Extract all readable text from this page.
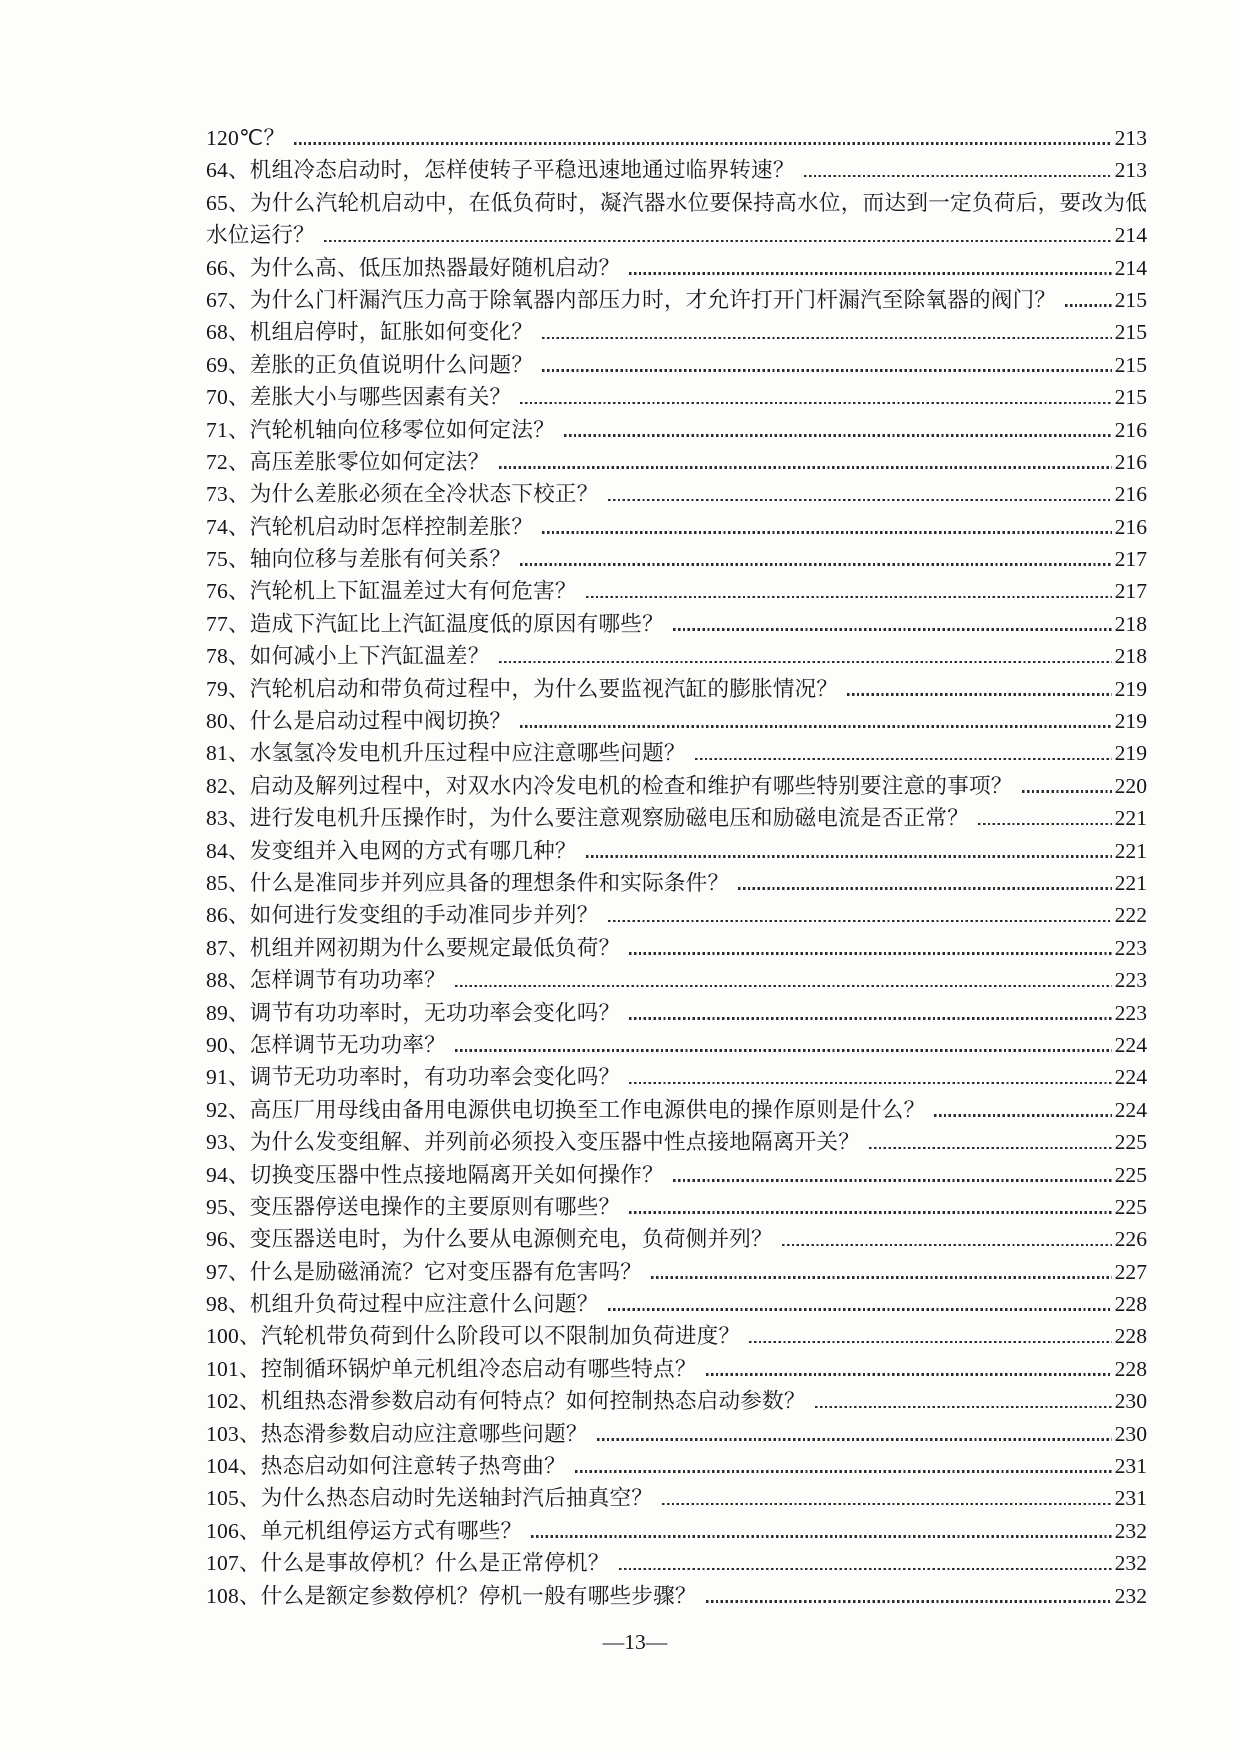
120℃？	213
64、机组冷态启动时，怎样使转子平稳迅速地通过临界转速？	213
65、为什么汽轮机启动中，在低负荷时，凝汽器水位要保持高水位，而达到一定负荷后，要改为低
水位运行？	214
66、为什么高、低压加热器最好随机启动？	214
67、为什么门杆漏汽压力高于除氧器内部压力时，才允许打开门杆漏汽至除氧器的阀门？	215
68、机组启停时，缸胀如何变化？	215
69、差胀的正负值说明什么问题？	215
70、差胀大小与哪些因素有关？	215
71、汽轮机轴向位移零位如何定法？	216
72、高压差胀零位如何定法？	216
73、为什么差胀必须在全冷状态下校正？	216
74、汽轮机启动时怎样控制差胀？	216
75、轴向位移与差胀有何关系？	217
76、汽轮机上下缸温差过大有何危害？	217
77、造成下汽缸比上汽缸温度低的原因有哪些？	218
78、如何减小上下汽缸温差？	218
79、汽轮机启动和带负荷过程中，为什么要监视汽缸的膨胀情况？	219
80、什么是启动过程中阀切换？	219
81、水氢氢冷发电机升压过程中应注意哪些问题？	219
82、启动及解列过程中，对双水内冷发电机的检查和维护有哪些特别要注意的事项？	220
83、进行发电机升压操作时，为什么要注意观察励磁电压和励磁电流是否正常？	221
84、发变组并入电网的方式有哪几种？	221
85、什么是准同步并列应具备的理想条件和实际条件？	221
86、如何进行发变组的手动准同步并列？	222
87、机组并网初期为什么要规定最低负荷？	223
88、怎样调节有功功率？	223
89、调节有功功率时，无功功率会变化吗？	223
90、怎样调节无功功率？	224
91、调节无功功率时，有功功率会变化吗？	224
92、高压厂用母线由备用电源供电切换至工作电源供电的操作原则是什么？	224
93、为什么发变组解、并列前必须投入变压器中性点接地隔离开关？	225
94、切换变压器中性点接地隔离开关如何操作？	225
95、变压器停送电操作的主要原则有哪些？	225
96、变压器送电时，为什么要从电源侧充电，负荷侧并列？	226
97、什么是励磁涌流？它对变压器有危害吗？	227
98、机组升负荷过程中应注意什么问题？	228
100、汽轮机带负荷到什么阶段可以不限制加负荷进度？	228
101、控制循环锅炉单元机组冷态启动有哪些特点？	228
102、机组热态滑参数启动有何特点？如何控制热态启动参数？	230
103、热态滑参数启动应注意哪些问题？	230
104、热态启动如何注意转子热弯曲？	231
105、为什么热态启动时先送轴封汽后抽真空？	231
106、单元机组停运方式有哪些？	232
107、什么是事故停机？什么是正常停机？	232
108、什么是额定参数停机？停机一般有哪些步骤？	232
—13—
